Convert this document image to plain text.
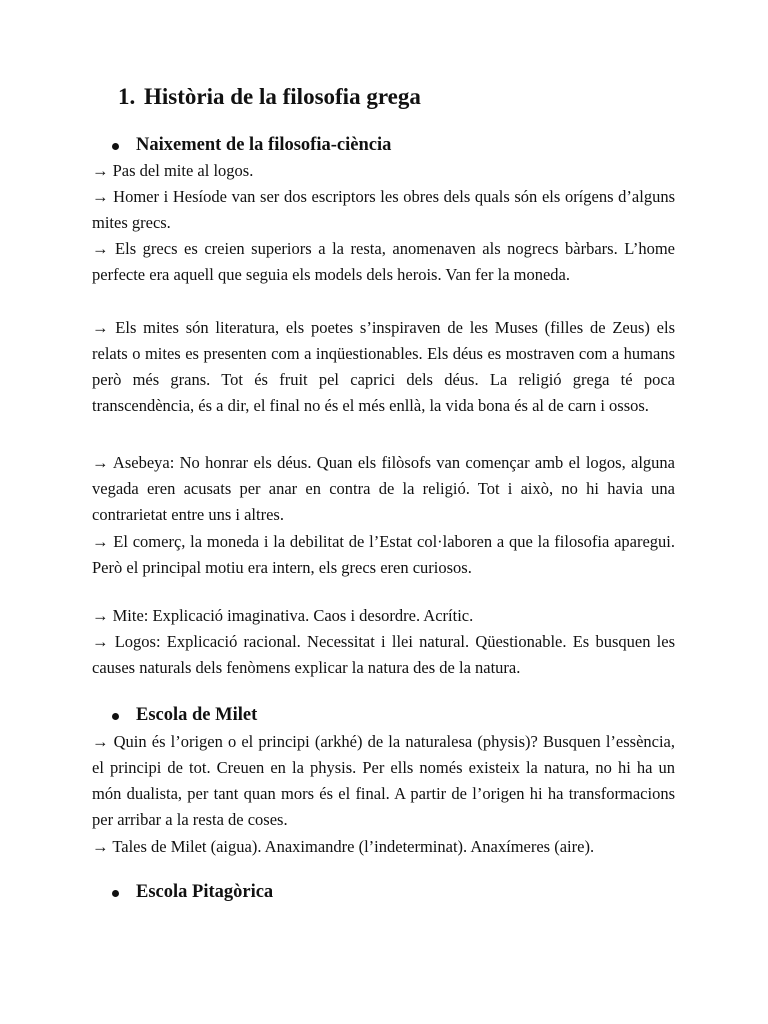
1. Història de la filosofia grega
Naixement de la filosofia-ciència

→ Pas del mite al logos.

→ Homer i Hesíode van ser dos escriptors les obres dels quals són els orígens d’alguns mites grecs.

→ Els grecs es creien superiors a la resta, anomenaven als nogrecs bàrbars. L’home perfecte era aquell que seguia els models dels herois. Van fer la moneda.

→ Els mites són literatura, els poetes s’inspiraven de les Muses (filles de Zeus) els relats o mites es presenten com a inqüestionables. Els déus es mostraven com a humans però més grans. Tot és fruit pel caprici dels déus. La religió grega té poca transcendència, és a dir, el final no és el més enllà, la vida bona és al de carn i ossos.

→ Asebeya: No honrar els déus. Quan els filòsofs van començar amb el logos, alguna vegada eren acusats per anar en contra de la religió. Tot i això, no hi havia una contrarietat entre uns i altres.

→ El comerç, la moneda i la debilitat de l’Estat col·laboren a que la filosofia aparegui. Però el principal motiu era intern, els grecs eren curiosos.

→ Mite: Explicació imaginativa. Caos i desordre. Acrític.

→ Logos: Explicació racional. Necessitat i llei natural. Qüestionable. Es busquen les causes naturals dels fenòmens explicar la natura des de la natura.

Escola de Milet

→ Quin és l’origen o el principi (arkhé) de la naturalesa (physis)? Busquen l’essència, el principi de tot. Creuen en la physis. Per ells només existeix la natura, no hi ha un món dualista, per tant quan mors és el final. A partir de l’origen hi ha transformacions per arribar a la resta de coses.

→ Tales de Milet (aigua). Anaximandre (l’indeterminat). Anaxímeres (aire).

Escola Pitagòrica
